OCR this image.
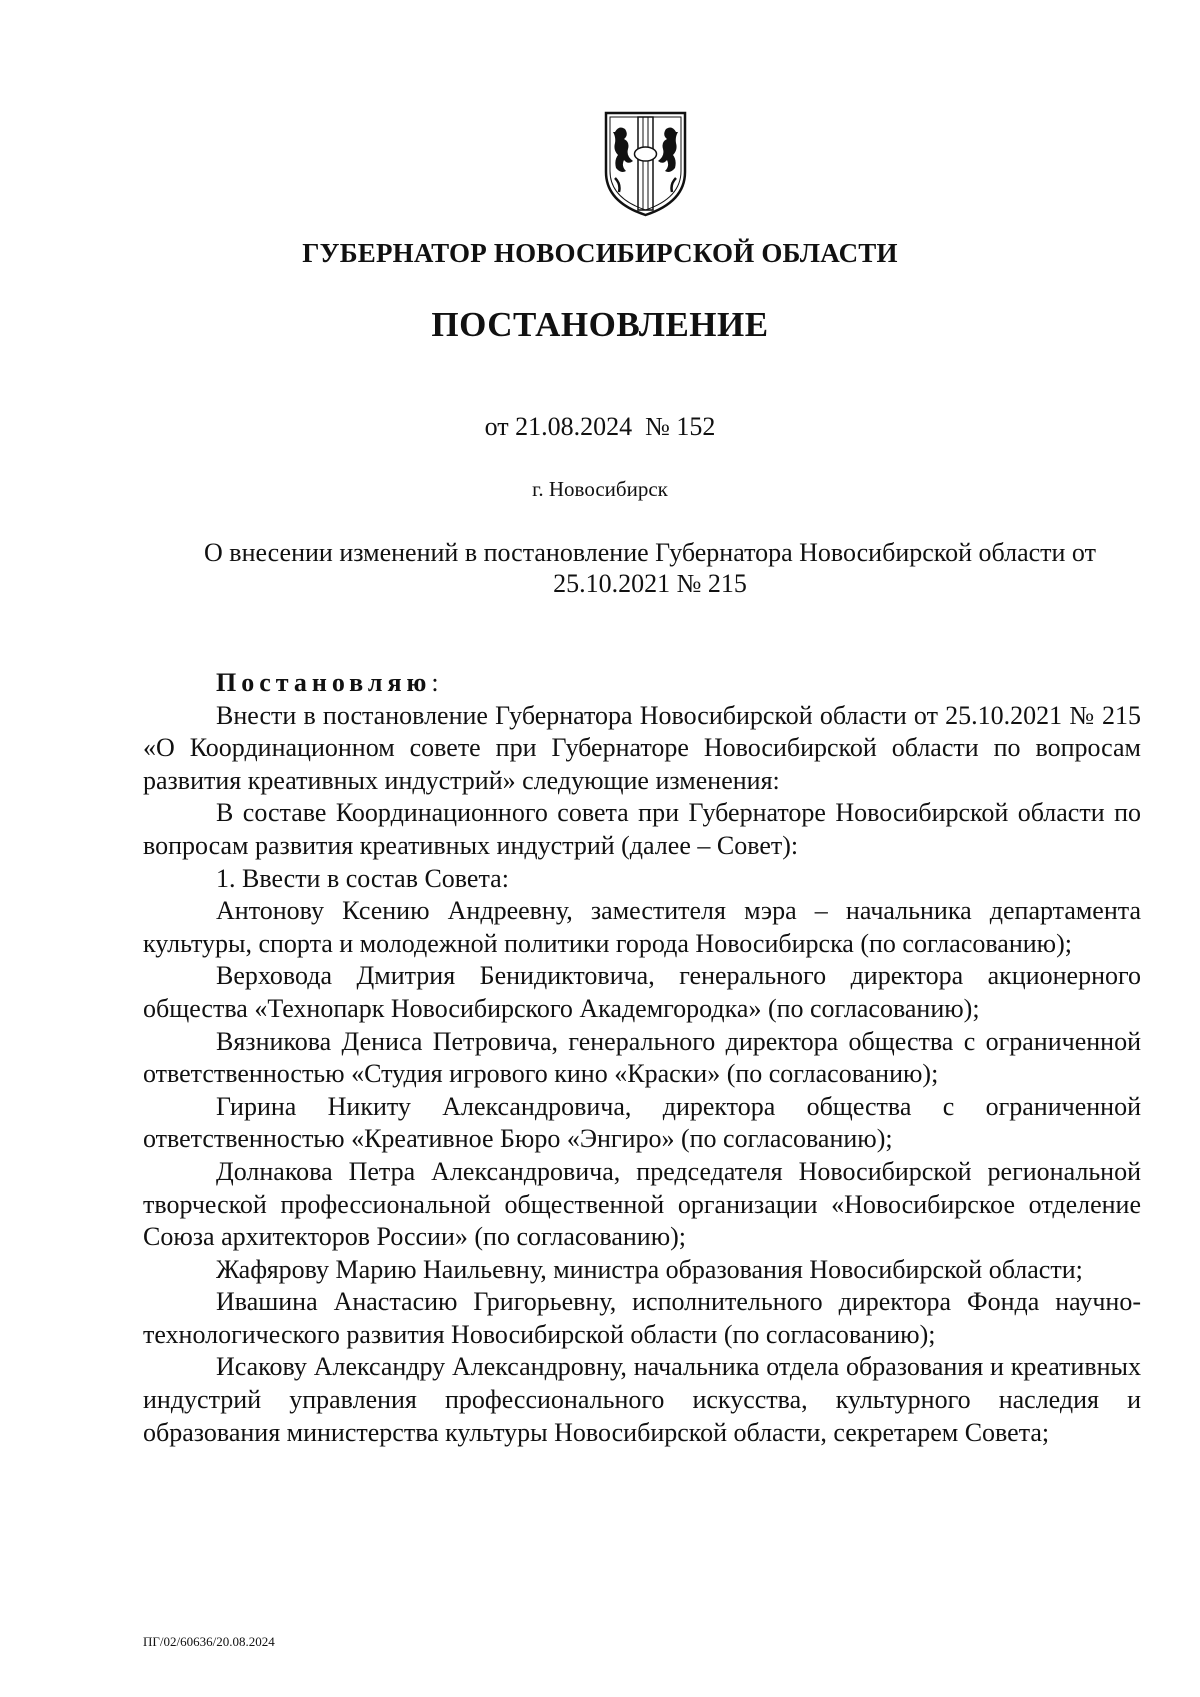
ГУБЕРНАТОР НОВОСИБИРСКОЙ ОБЛАСТИ
ПОСТАНОВЛЕНИЕ
от 21.08.2024  № 152
г. Новосибирск
О внесении изменений в постановление Губернатора Новосибирской области от 25.10.2021 № 215

Постановляю:

Внести в постановление Губернатора Новосибирской области от 25.10.2021 № 215 «О Координационном совете при Губернаторе Новосибирской области по вопросам развития креативных индустрий» следующие изменения:

В составе Координационного совета при Губернаторе Новосибирской области по вопросам развития креативных индустрий (далее – Совет):

1. Ввести в состав Совета:

Антонову Ксению Андреевну, заместителя мэра – начальника департамента культуры, спорта и молодежной политики города Новосибирска (по согласованию);

Верховода Дмитрия Бенидиктовича, генерального директора акционерного общества «Технопарк Новосибирского Академгородка» (по согласованию);

Вязникова Дениса Петровича, генерального директора общества с ограниченной ответственностью «Студия игрового кино «Краски» (по согласованию);

Гирина Никиту Александровича, директора общества с ограниченной ответственностью «Креативное Бюро «Энгиро» (по согласованию);

Долнакова Петра Александровича, председателя Новосибирской региональной творческой профессиональной общественной организации «Новосибирское отделение Союза архитекторов России» (по согласованию);

Жафярову Марию Наильевну, министра образования Новосибирской области;

Ивашина Анастасию Григорьевну, исполнительного директора Фонда научно-технологического развития Новосибирской области (по согласованию);

Исакову Александру Александровну, начальника отдела образования и креативных индустрий управления профессионального искусства, культурного наследия и образования министерства культуры Новосибирской области, секретарем Совета;

ПГ/02/60636/20.08.2024
